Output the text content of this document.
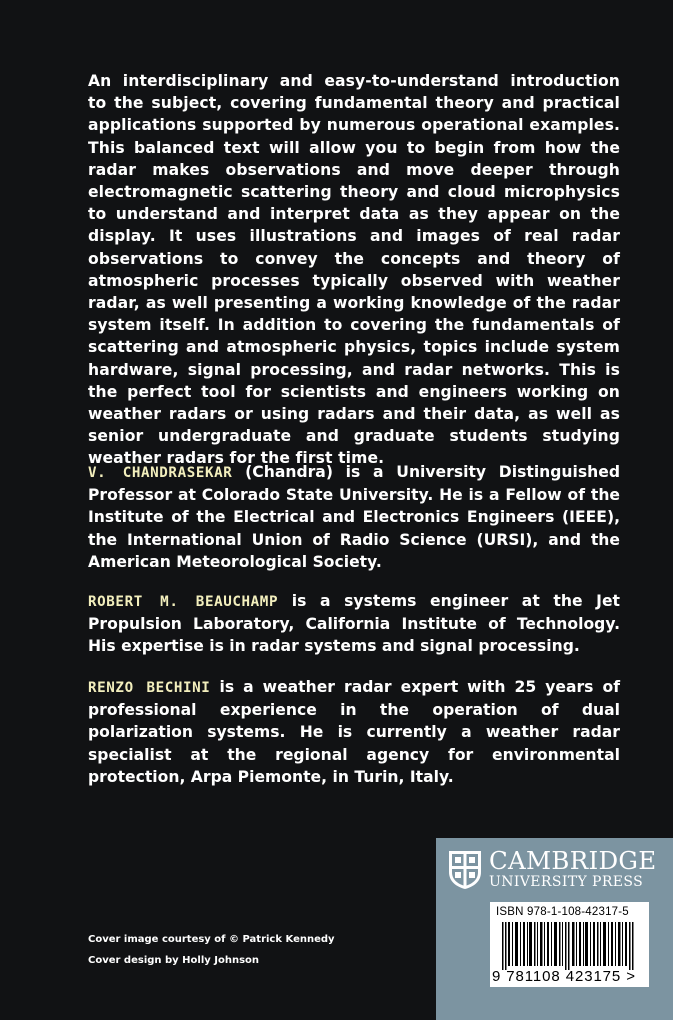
An interdisciplinary and easy-to-understand introduction to the subject, covering fundamental theory and practical applications supported by numerous operational examples. This balanced text will allow you to begin from how the radar makes observations and move deeper through electromagnetic scattering theory and cloud microphysics to understand and interpret data as they appear on the display. It uses illustrations and images of real radar observations to convey the concepts and theory of atmospheric processes typically observed with weather radar, as well presenting a working knowledge of the radar system itself. In addition to covering the fundamentals of scattering and atmospheric physics, topics include system hardware, signal processing, and radar networks. This is the perfect tool for scientists and engineers working on weather radars or using radars and their data, as well as senior undergraduate and graduate students studying weather radars for the first time.

V. CHANDRASEKAR (Chandra) is a University Distinguished Professor at Colorado State University. He is a Fellow of the Institute of the Electrical and Electronics Engineers (IEEE), the International Union of Radio Science (URSI), and the American Meteorological Society.

ROBERT M. BEAUCHAMP is a systems engineer at the Jet Propulsion Laboratory, California Institute of Technology. His expertise is in radar systems and signal processing.

RENZO BECHINI is a weather radar expert with 25 years of professional experience in the operation of dual polarization systems. He is currently a weather radar specialist at the regional agency for environmental protection, Arpa Piemonte, in Turin, Italy.

Cover image courtesy of © Patrick Kennedy
Cover design by Holly Johnson
CAMBRIDGE
UNIVERSITY PRESS
ISBN 978-1-108-42317-5
9 781108 423175 >
